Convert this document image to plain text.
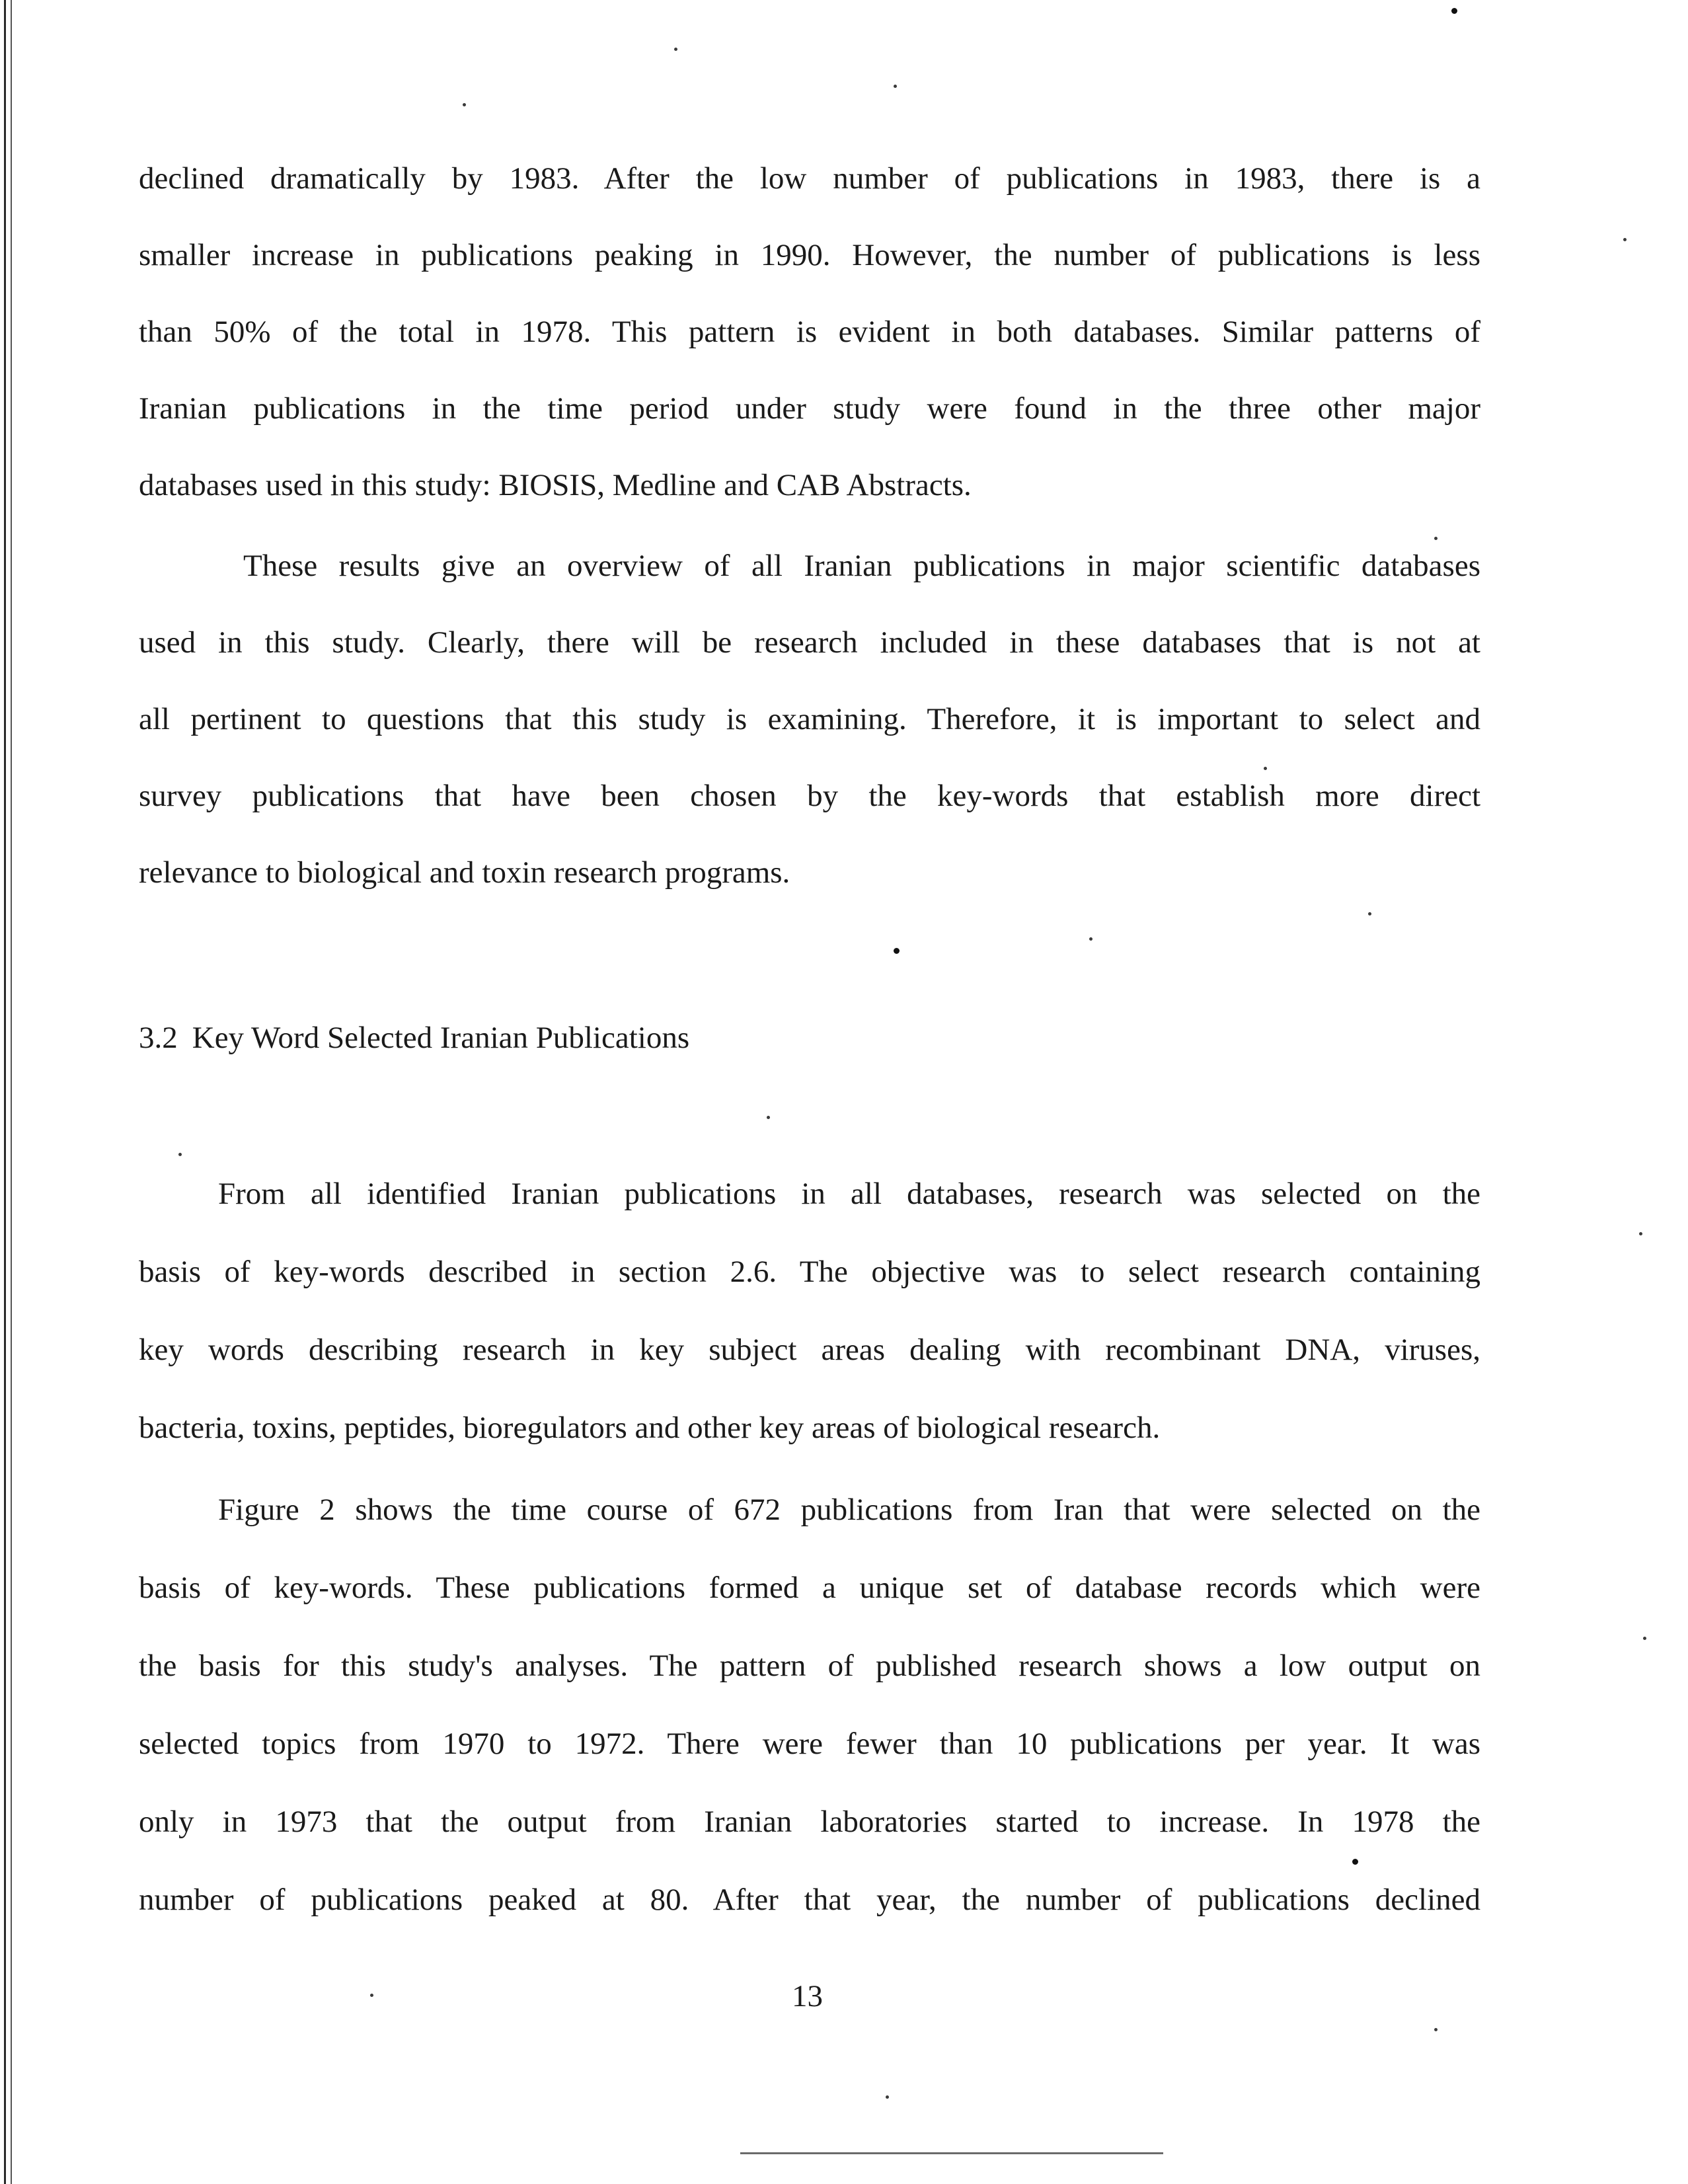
declined dramatically by 1983. After the low number of publications in 1983, there is a
smaller increase in publications peaking in 1990. However, the number of publications is less
than 50% of the total in 1978. This pattern is evident in both databases. Similar patterns of
Iranian publications in the time period under study were found in the three other major
databases used in this study: BIOSIS, Medline and CAB Abstracts.
These results give an overview of all Iranian publications in major scientific databases
used in this study. Clearly, there will be research included in these databases that is not at
all pertinent to questions that this study is examining. Therefore, it is important to select and
survey publications that have been chosen by the key-words that establish more direct
relevance to biological and toxin research programs.
3.2 Key Word Selected Iranian Publications
From all identified Iranian publications in all databases, research was selected on the
basis of key-words described in section 2.6. The objective was to select research containing
key words describing research in key subject areas dealing with recombinant DNA, viruses,
bacteria, toxins, peptides, bioregulators and other key areas of biological research.
Figure 2 shows the time course of 672 publications from Iran that were selected on the
basis of key-words. These publications formed a unique set of database records which were
the basis for this study's analyses. The pattern of published research shows a low output on
selected topics from 1970 to 1972. There were fewer than 10 publications per year. It was
only in 1973 that the output from Iranian laboratories started to increase. In 1978 the
number of publications peaked at 80. After that year, the number of publications declined
13
